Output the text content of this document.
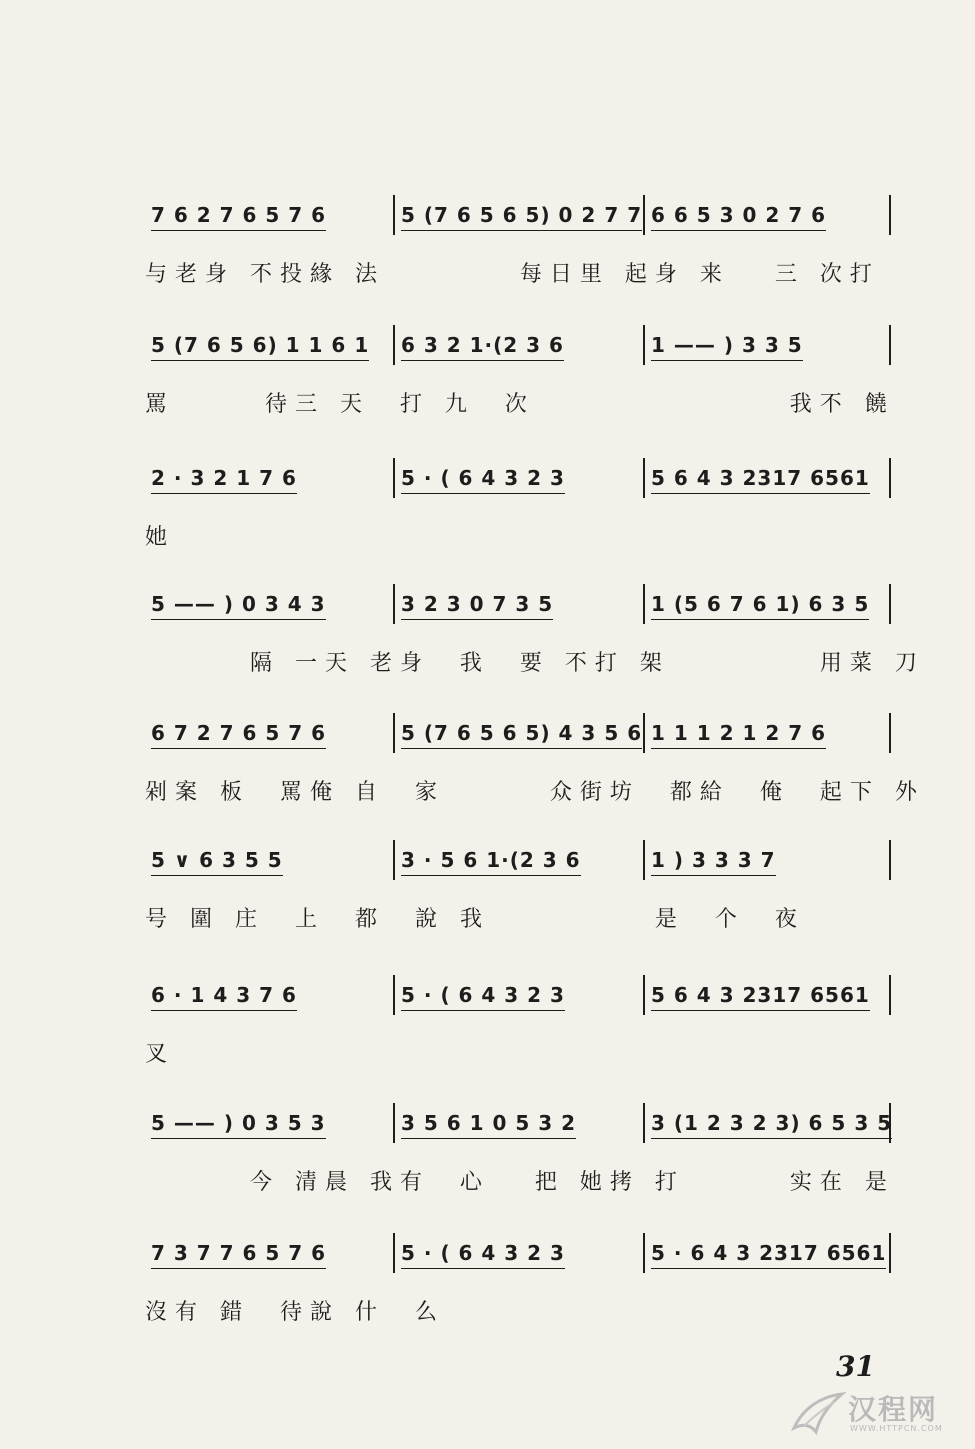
7 6 2 7 6 5 7 6	5 (7 6 5 6 5) 0 2 7 7 6 6 5 3 0 2 7 6
与老身 不投緣 法         每日里 起身 来   三 次打
5 (7 6 5 6) 1 1 6 1 6 3 2 1·(2 3 6	1 —— ) 3 3 5
罵      待三 天  打 九  次                 我不 饒
2 · 3 2 1 7 6	5 · ( 6 4 3 2 3	5 6 4 3 2317 6561
她
5 —— ) 0 3 4 3	3 2 3 0 7 3 5	1 (5 6 7 6 1) 6 3 5
隔 一天 老身  我  要 不打 架          用菜 刀
6 7 2 7 6 5 7 6	5 (7 6 5 6 5) 4 3 5 6 1 1 1 2 1 2 7 6
剁案 板  罵俺 自  家       众街坊  都給  俺  起下 外
5 ∨ 6 3 5 5	3 · 5 6 1·(2 3 6	1 ) 3 3 3 7
号 圍 庄  上  都  說 我           是  个  夜
6 · 1 4 3 7 6	5 · ( 6 4 3 2 3	5 6 4 3 2317 6561
叉
5 —— ) 0 3 5 3	3 5 6 1 0 5 3 2	3 (1 2 3 2 3) 6 5 3 5
今 清晨 我有  心   把 她拷 打       实在 是
7 3 7 7 6 5 7 6	5 · ( 6 4 3 2 3	5 · 6 4 3 2317 6561
沒有 錯  待說 什  么
31
汉程网
WWW.HTTPCN.COM
